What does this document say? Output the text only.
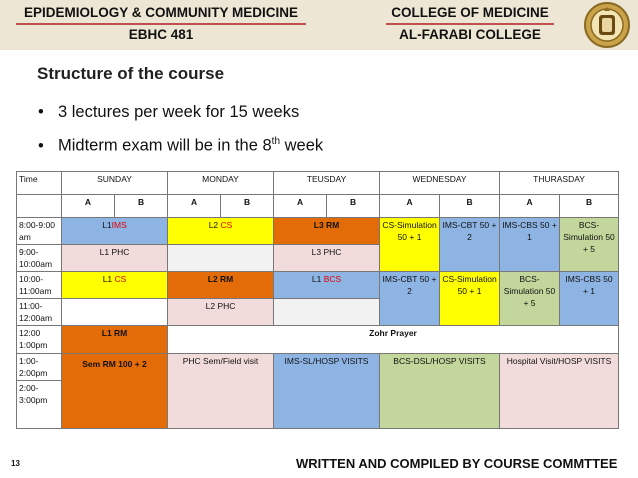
EPIDEMIOLOGY & COMMUNITY MEDICINE
EBHC 481
COLLEGE OF MEDICINE
AL-FARABI COLLEGE
Structure of the course
• 3 lectures per week for 15 weeks
• Midterm exam will be in the 8th week
Time	SUNDAY		MONDAY		TEUSDAY		WEDNESDAY		THURASDAY	
	A	B	A	B	A	B	A	B	A	B
8:00-9:00 am	L1IMS		L2 CS		L3 RM		CS-Simulation 50 + 1	IMS-CBT 50 + 2	IMS-CBS 50 + 1	BCS-Simulation 50 + 5
9:00-10:00am	L1 PHC				L3 PHC					
10:00-11:00am	L1 CS		L2 RM		L1 BCS		IMS-CBT 50 + 2	CS-Simulation 50 + 1	BCS-Simulation 50 + 5	IMS-CBS 50 + 1
11:00-12:00am			L2 PHC							
12:00 1:00pm	L1 RM		Zohr Prayer							
1:00-2:00pm	Sem RM 100 + 2		PHC Sem/Field visit		IMS-SL/HOSP VISITS		BCS-DSL/HOSP VISITS		Hospital Visit/HOSP VISITS	
2:00-3:00pm										
13	WRITTEN AND COMPILED BY COURSE COMMTTEE
